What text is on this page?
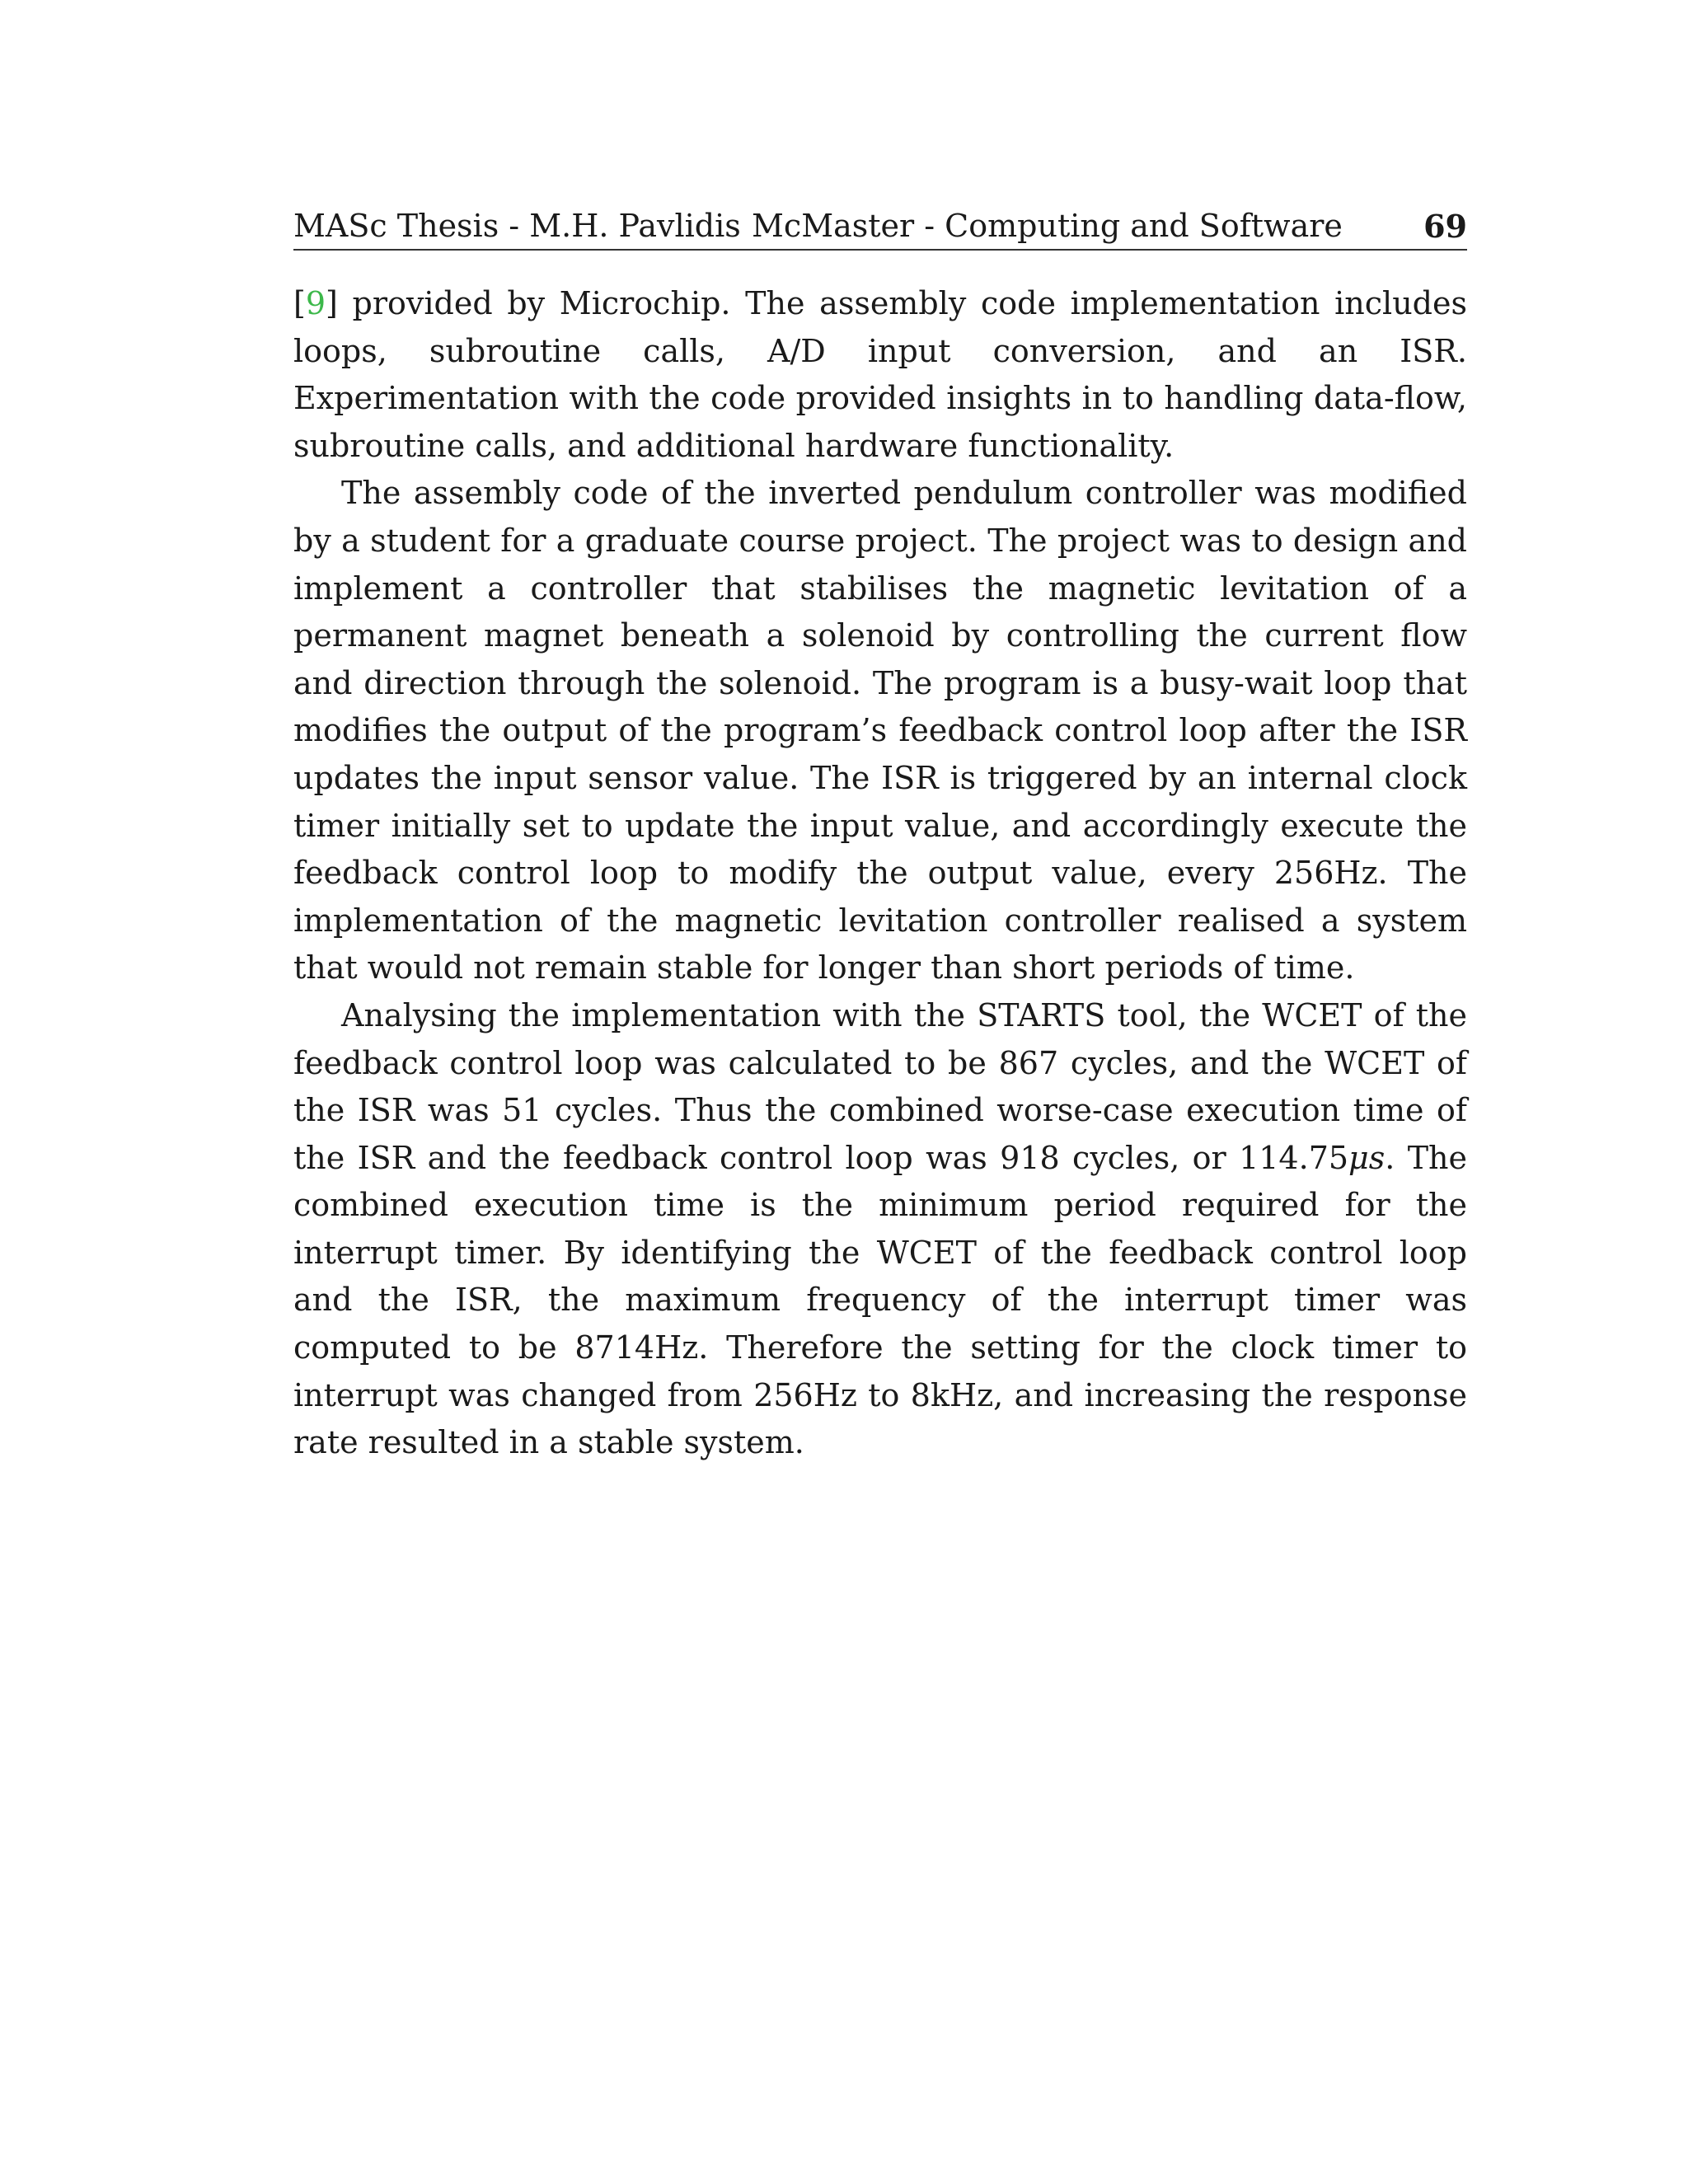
MASc Thesis - M.H. Pavlidis McMaster - Computing and Software	69

[9] provided by Microchip. The assembly code implementation includes loops, subroutine calls, A/D input conversion, and an ISR. Experimentation with the code provided insights in to handling data-flow, subroutine calls, and additional hardware functionality.

The assembly code of the inverted pendulum controller was modified by a student for a graduate course project. The project was to design and implement a controller that stabilises the magnetic levitation of a permanent magnet beneath a solenoid by controlling the current flow and direction through the solenoid. The program is a busy-wait loop that modifies the output of the program’s feedback control loop after the ISR updates the input sensor value. The ISR is triggered by an internal clock timer initially set to update the input value, and accordingly execute the feedback control loop to modify the output value, every 256Hz. The implementation of the magnetic levitation controller realised a system that would not remain stable for longer than short periods of time.

Analysing the implementation with the STARTS tool, the WCET of the feedback control loop was calculated to be 867 cycles, and the WCET of the ISR was 51 cycles. Thus the combined worse-case execution time of the ISR and the feedback control loop was 918 cycles, or 114.75μs. The combined execution time is the minimum period required for the interrupt timer. By identifying the WCET of the feedback control loop and the ISR, the maximum frequency of the interrupt timer was computed to be 8714Hz. Therefore the setting for the clock timer to interrupt was changed from 256Hz to 8kHz, and increasing the response rate resulted in a stable system.
